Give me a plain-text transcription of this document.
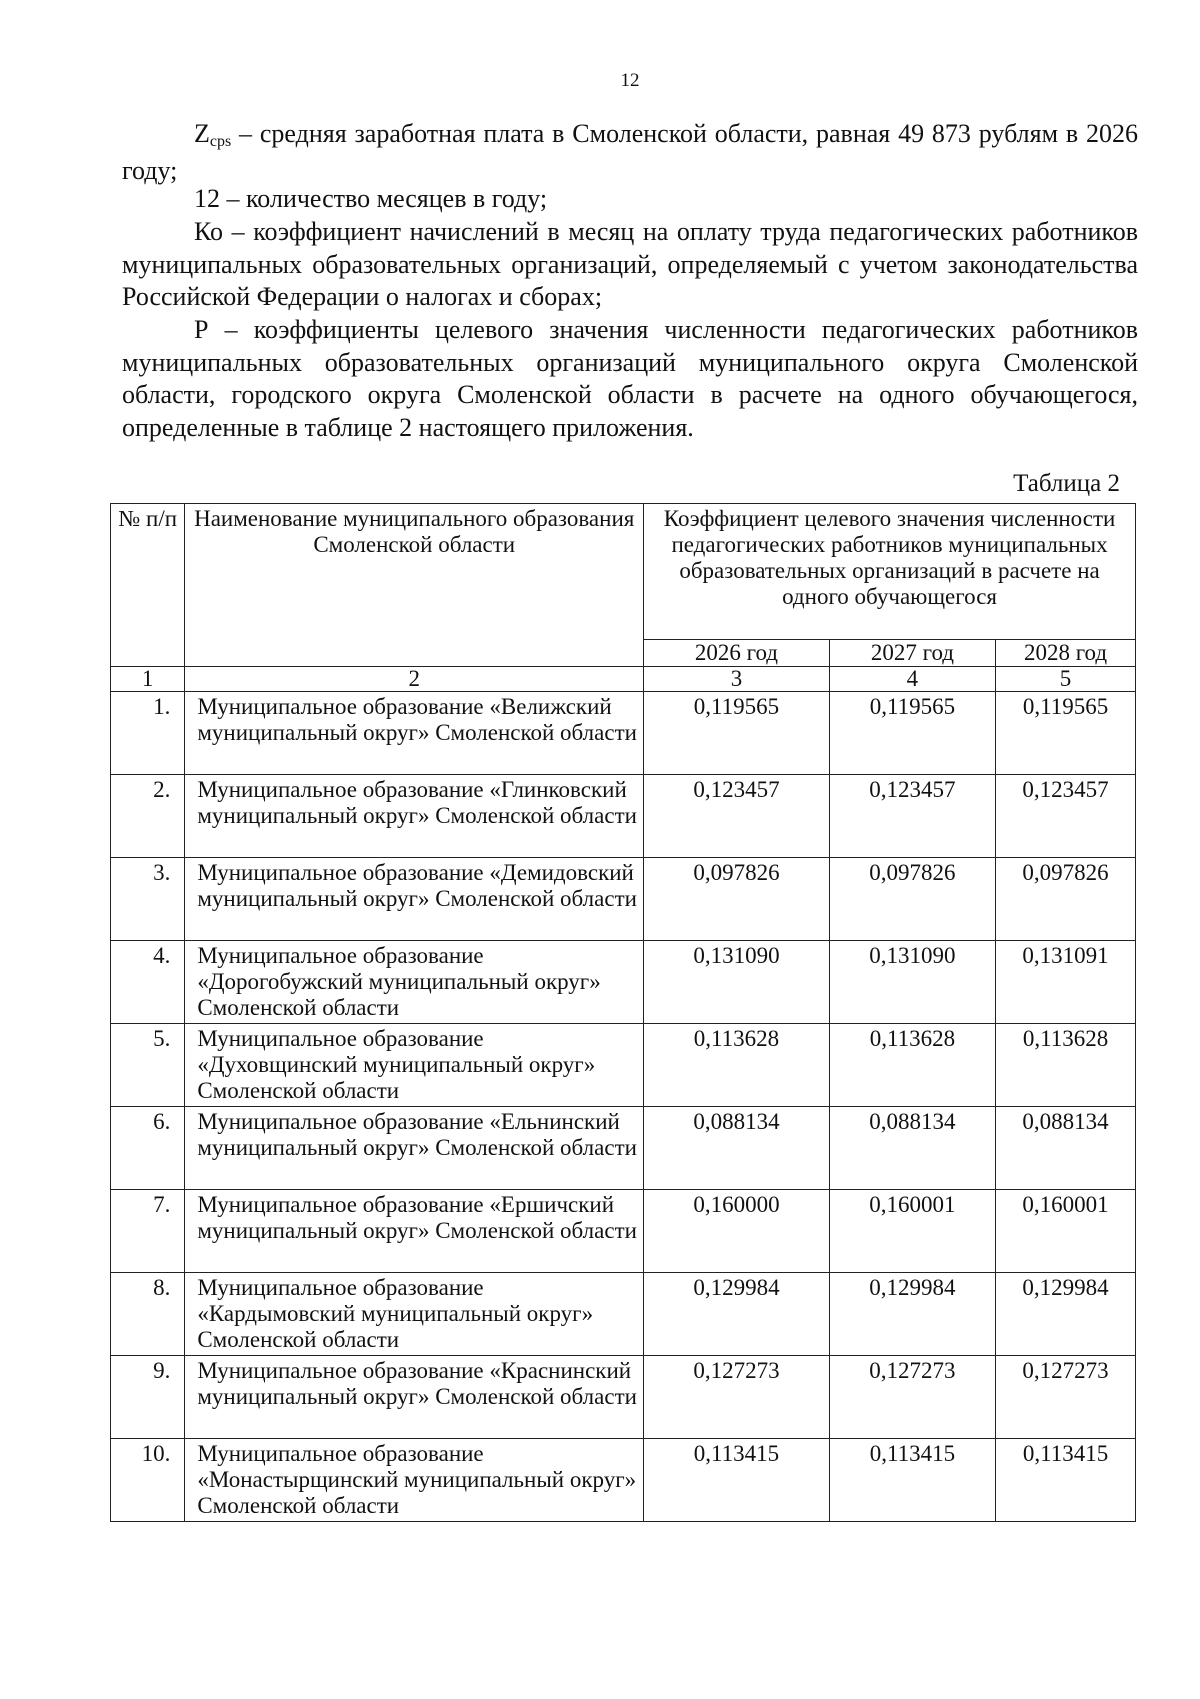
12

Zсрs – средняя заработная плата в Смоленской области, равная 49 873 рублям в 2026 году;

12 – количество месяцев в году;

Ко – коэффициент начислений в месяц на оплату труда педагогических работников муниципальных образовательных организаций, определяемый с учетом законодательства Российской Федерации о налогах и сборах;

Р – коэффициенты целевого значения численности педагогических работников муниципальных образовательных организаций муниципального округа Смоленской области, городского округа Смоленской области в расчете на одного обучающегося, определенные в таблице 2 настоящего приложения.

Таблица 2
№ п/п	Наименование муниципального образования Смоленской области	Коэффициент целевого значения численности педагогических работников муниципальных образовательных организаций в расчете на одного обучающегося		
		2026 год	2027 год	2028 год
1	2	3	4	5
1.	Муниципальное образование «Велижский муниципальный округ» Смоленской области	0,119565	0,119565	0,119565
2.	Муниципальное образование «Глинковский муниципальный округ» Смоленской области	0,123457	0,123457	0,123457
3.	Муниципальное образование «Демидовский муниципальный округ» Смоленской области	0,097826	0,097826	0,097826
4.	Муниципальное образование «Дорогобужский муниципальный округ» Смоленской области	0,131090	0,131090	0,131091
5.	Муниципальное образование «Духовщинский муниципальный округ» Смоленской области	0,113628	0,113628	0,113628
6.	Муниципальное образование «Ельнинский муниципальный округ» Смоленской области	0,088134	0,088134	0,088134
7.	Муниципальное образование «Ершичский муниципальный округ» Смоленской области	0,160000	0,160001	0,160001
8.	Муниципальное образование «Кардымовский муниципальный округ» Смоленской области	0,129984	0,129984	0,129984
9.	Муниципальное образование «Краснинский муниципальный округ» Смоленской области	0,127273	0,127273	0,127273
10.	Муниципальное образование «Монастырщинский муниципальный округ» Смоленской области	0,113415	0,113415	0,113415
